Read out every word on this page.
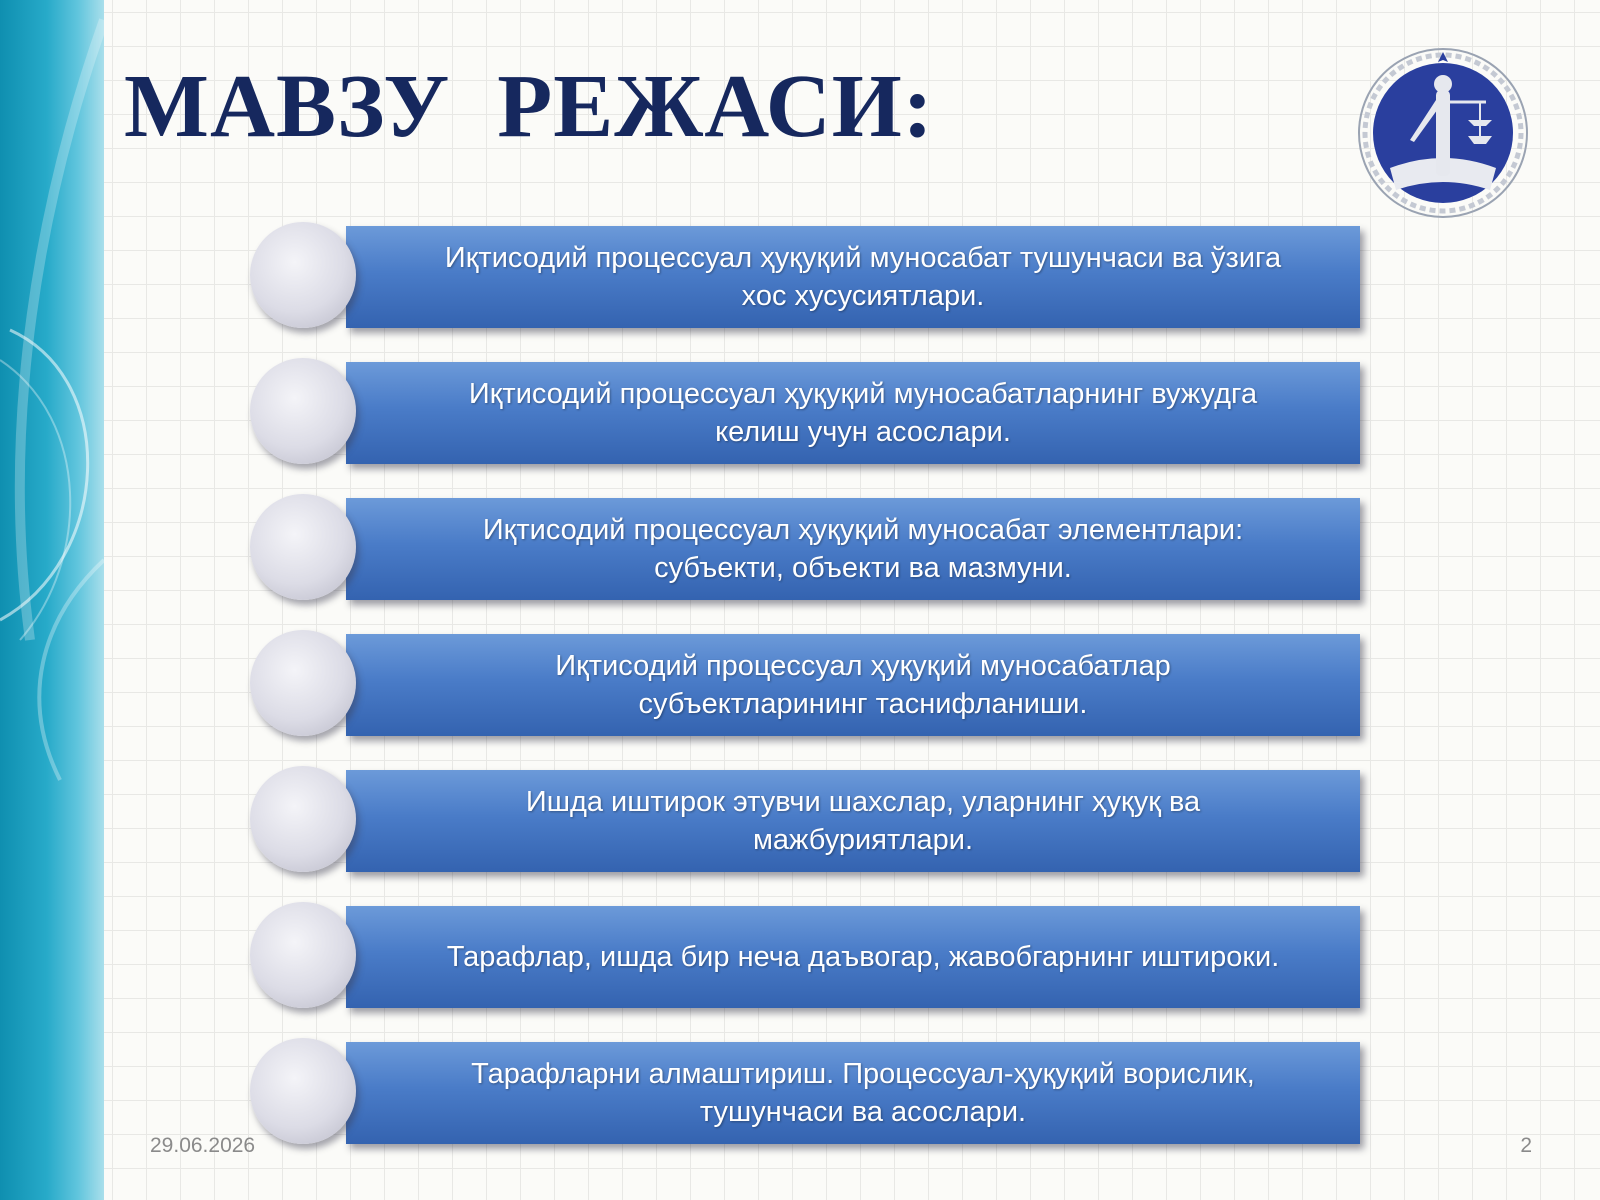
МАВЗУ  РЕЖАСИ:
Иқтисодий процессуал ҳуқуқий муносабат тушунчаси ва ўзига
хос хусусиятлари.
Иқтисодий процессуал ҳуқуқий муносабатларнинг вужудга
келиш учун асослари.
Иқтисодий процессуал ҳуқуқий муносабат элементлари:
субъекти, объекти ва мазмуни.
Иқтисодий процессуал ҳуқуқий муносабатлар
субъектларининг таснифланиши.
Ишда иштирок этувчи шахслар, уларнинг ҳуқуқ ва
мажбуриятлари.
Тарафлар, ишда бир неча даъвогар, жавобгарнинг иштироки.
Тарафларни алмаштириш. Процессуал-ҳуқуқий ворислик,
тушунчаси ва асослари.
29.06.2026	2
